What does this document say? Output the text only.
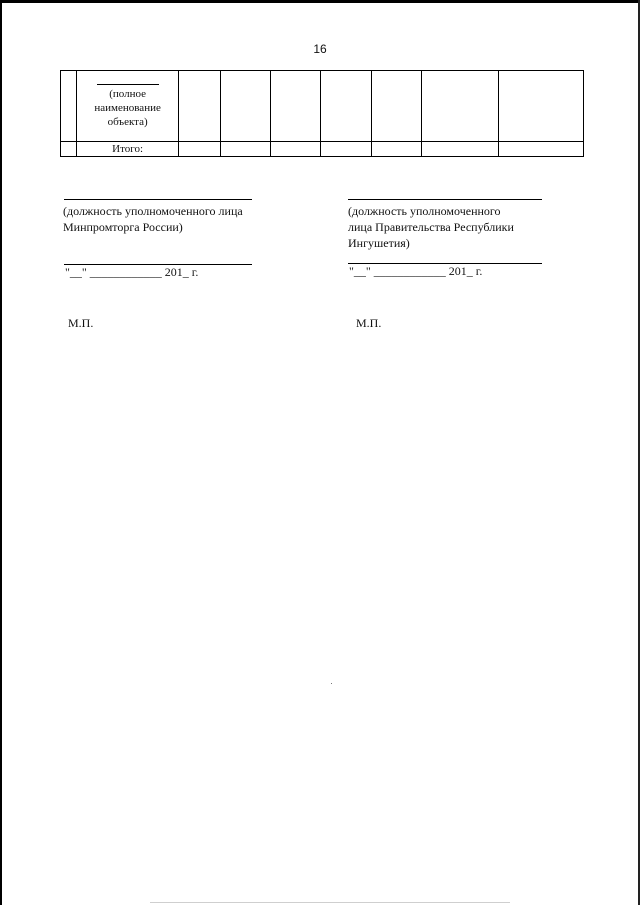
16

	(полное
наименование
объекта)							

	Итого:							
(должность уполномоченного лица
Минпромторга России)
"__" ____________ 201_ г.
М.П.
(должность уполномоченного
лица Правительства Республики
Ингушетия)
"__" ____________ 201_ г.
М.П.
